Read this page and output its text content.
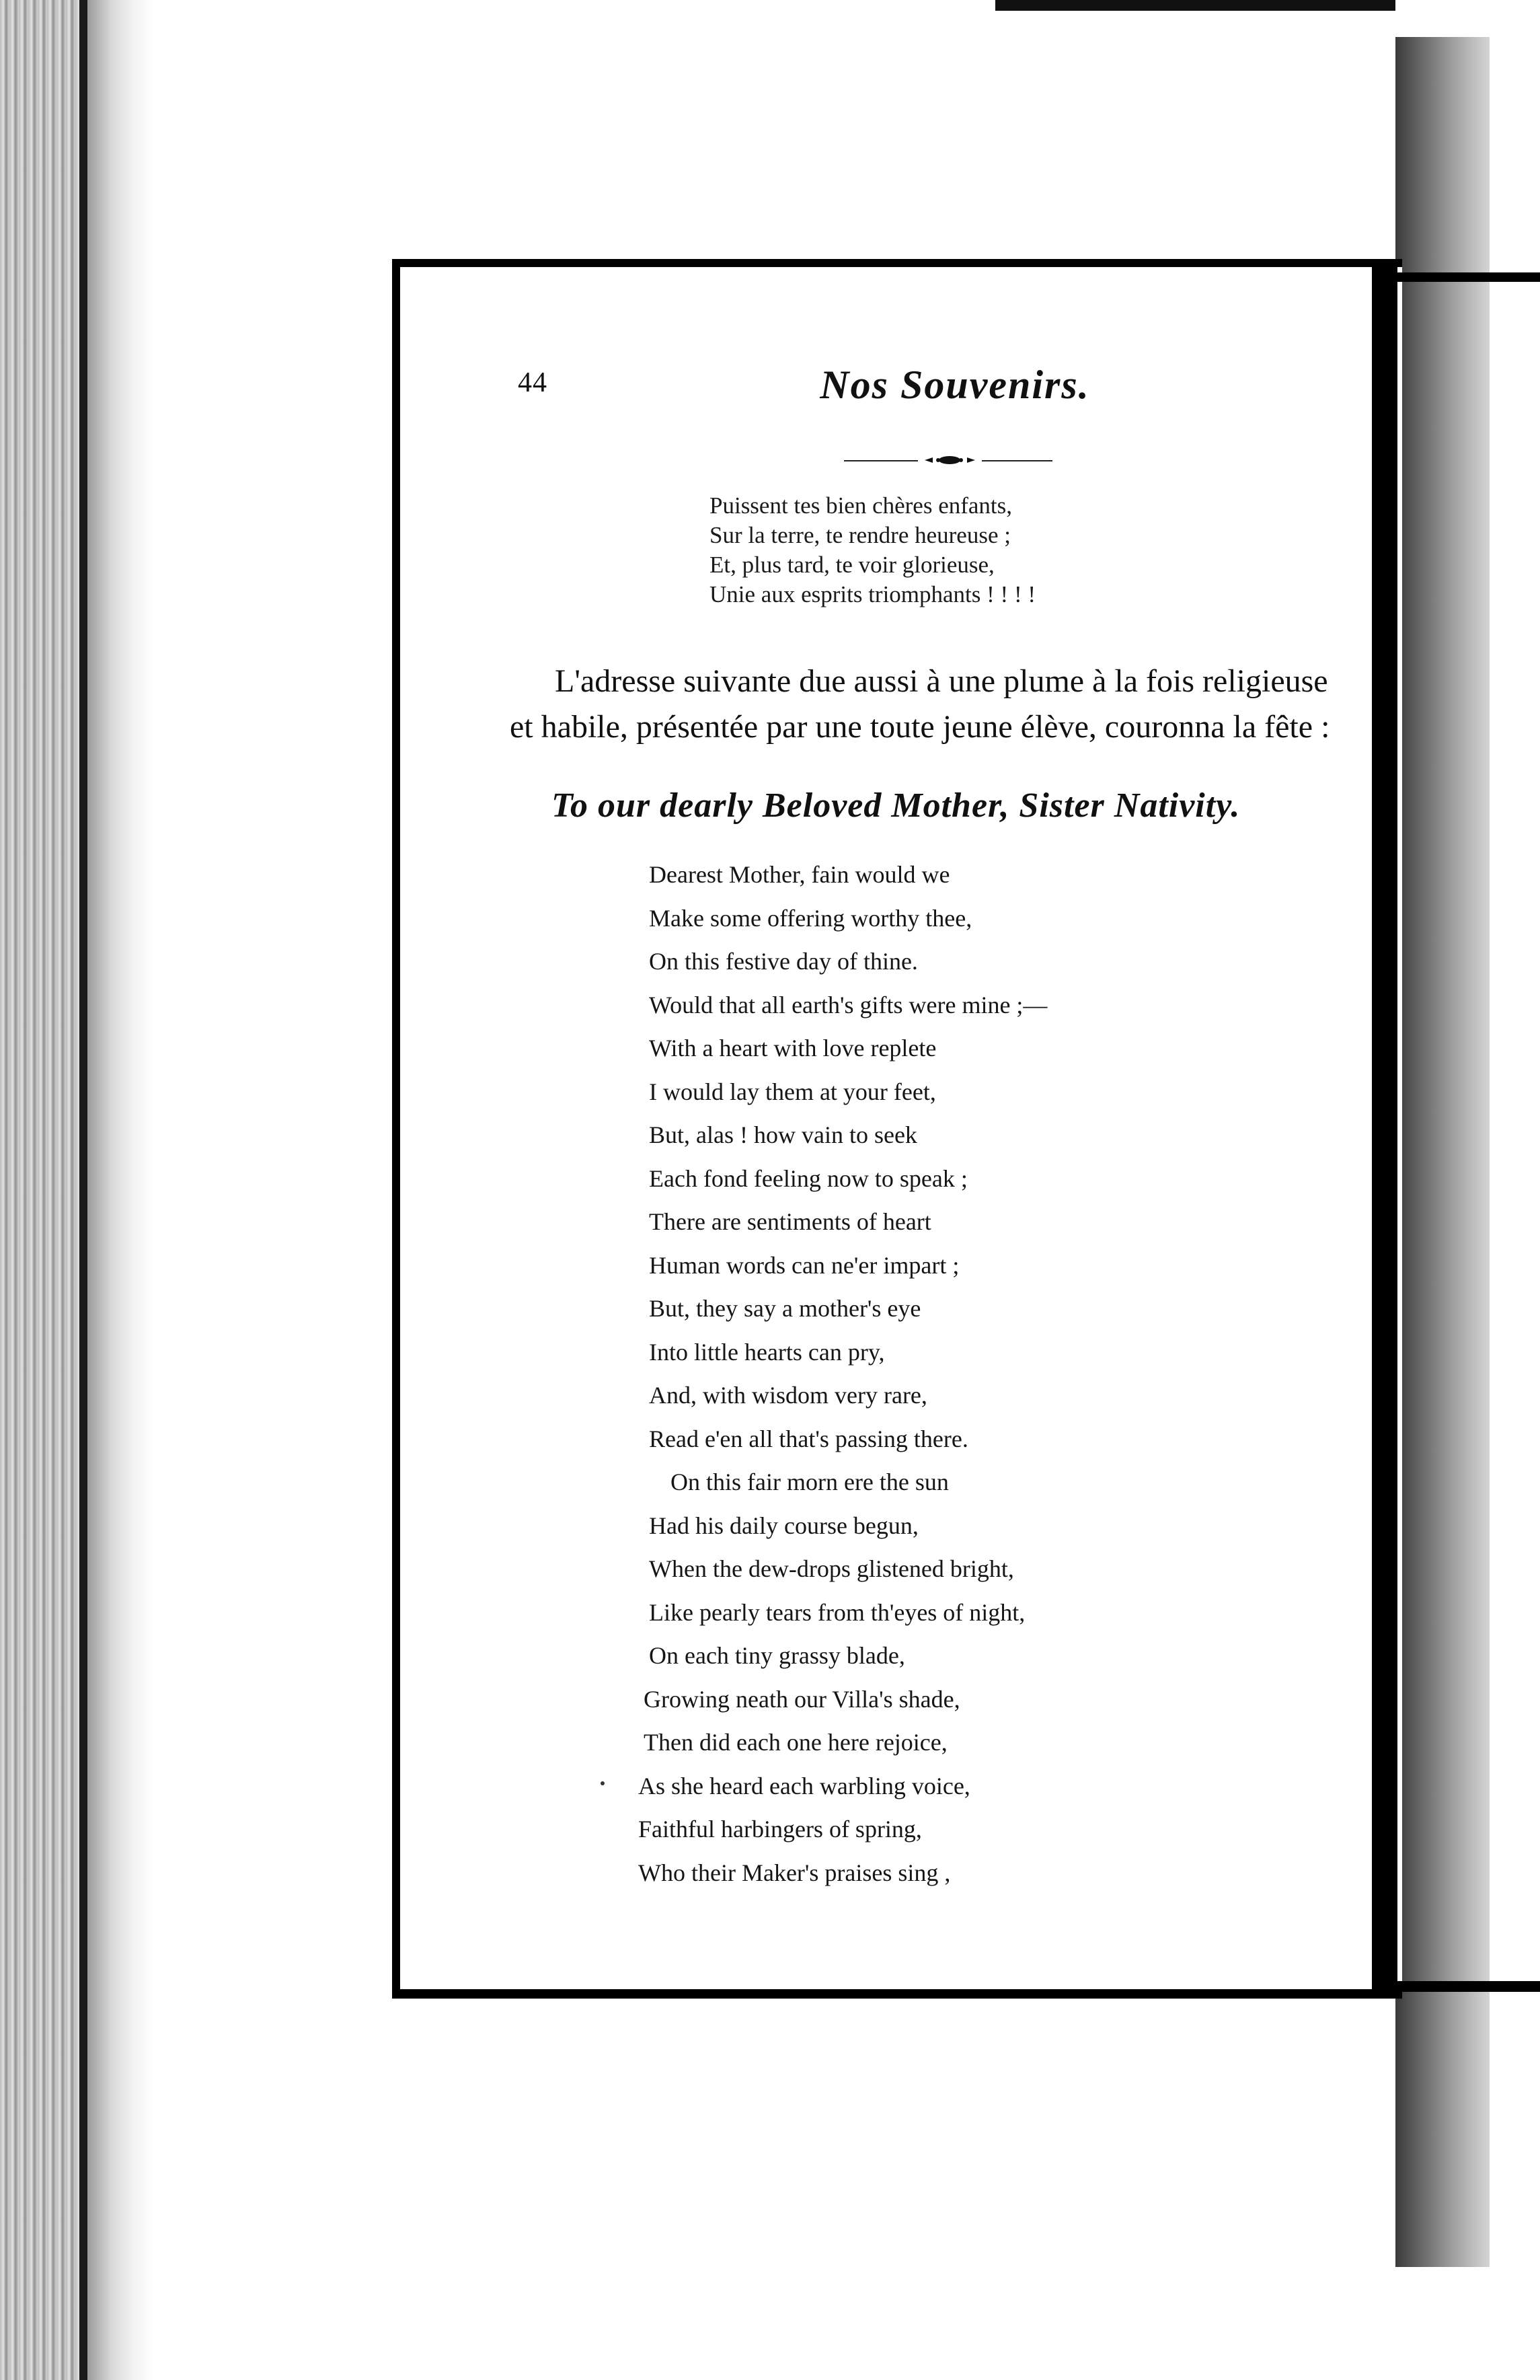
44	Nos Souvenirs.
Puissent tes bien chères enfants,
Sur la terre, te rendre heureuse ;
Et, plus tard, te voir glorieuse,
Unie aux esprits triomphants ! ! ! !
L'adresse suivante due aussi à une plume à la fois religieuse
et habile, présentée par une toute jeune élève, couronna la fête :
To our dearly Beloved Mother, Sister Nativity.
Dearest Mother, fain would we
Make some offering worthy thee,
On this festive day of thine.
Would that all earth's gifts were mine ;—
With a heart with love replete
I would lay them at your feet,
But, alas ! how vain to seek
Each fond feeling now to speak ;
There are sentiments of heart
Human words can ne'er impart ;
But, they say a mother's eye
Into little hearts can pry,
And, with wisdom very rare,
Read e'en all that's passing there.
On this fair morn ere the sun
Had his daily course begun,
When the dew-drops glistened bright,
Like pearly tears from th'eyes of night,
On each tiny grassy blade,
Growing neath our Villa's shade,
Then did each one here rejoice,
As she heard each warbling voice,
Faithful harbingers of spring,
Who their Maker's praises sing ,
